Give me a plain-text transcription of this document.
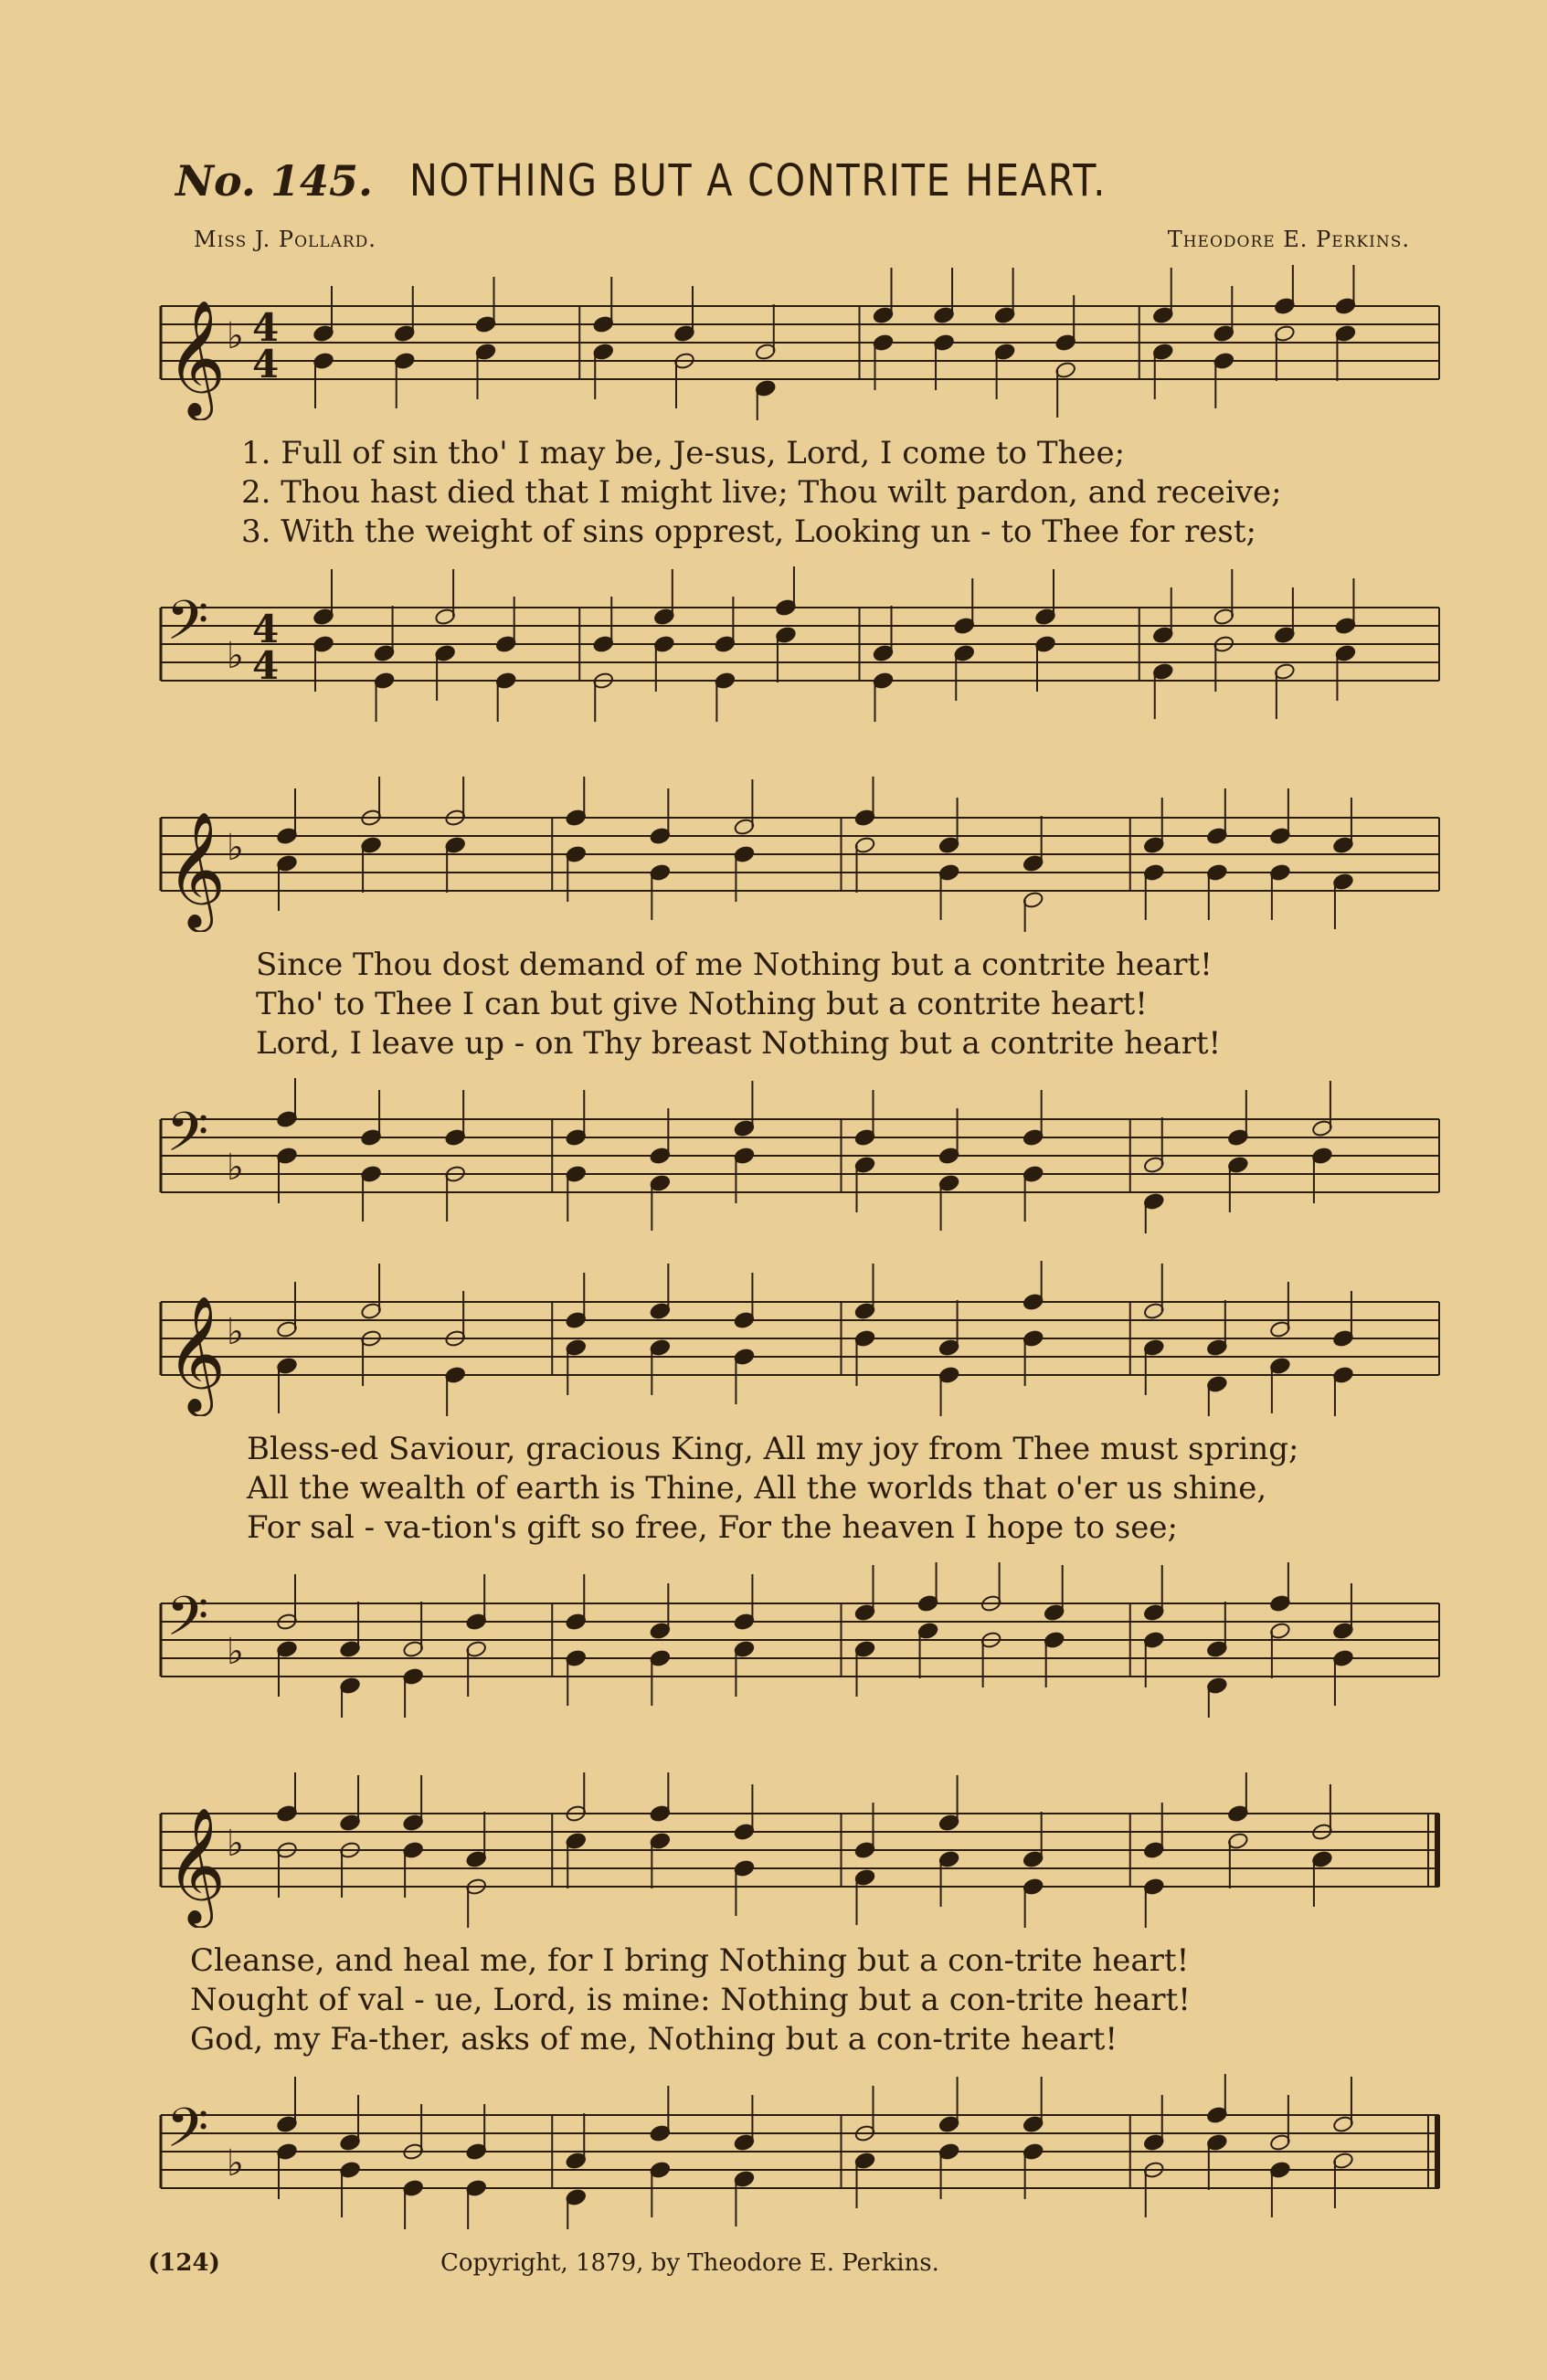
No. 145. NOTHING BUT A CONTRITE HEART.
Miss J. Pollard.	Theodore E. Perkins.
𝄞 ♭ 4
4
1. Full of sin tho' I may be, Je-sus, Lord, I come to Thee;
2. Thou hast died that I might live; Thou wilt pardon, and receive;
3. With the weight of sins opprest, Looking un - to Thee for rest;
𝄢 ♭
4
4
𝄞 ♭
Since Thou dost demand of me Nothing but a contrite heart!
Tho' to Thee I can but give Nothing but a contrite heart!
Lord, I leave up - on Thy breast Nothing but a contrite heart!
𝄢 ♭
𝄞 ♭
Bless-ed Saviour, gracious King, All my joy from Thee must spring;
All the wealth of earth is Thine, All the worlds that o'er us shine,
For sal - va-tion's gift so free, For the heaven I hope to see;
𝄢 ♭
𝄞 ♭
Cleanse, and heal me, for I bring Nothing but a con-trite heart!
Nought of val - ue, Lord, is mine: Nothing but a con-trite heart!
God, my Fa-ther, asks of me, Nothing but a con-trite heart!
𝄢 ♭
(124)	Copyright, 1879, by Theodore E. Perkins.
